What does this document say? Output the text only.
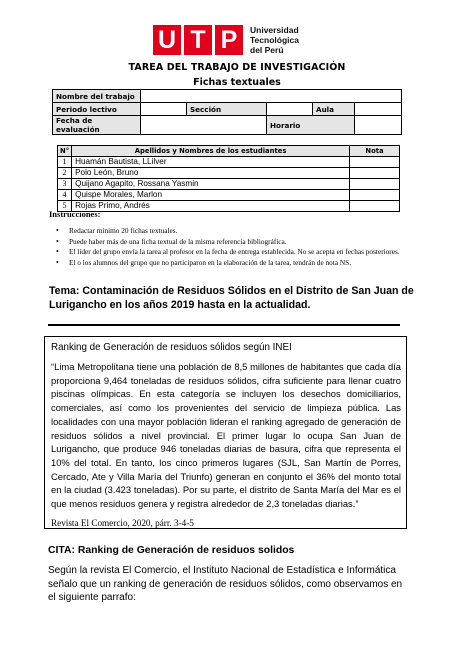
U T P	Universidad
Tecnológica
del Perú
TAREA DEL TRABAJO DE INVESTIGACIÓN
Fichas textuales
Nombre del trabajo					
Periodo lectivo		Sección		Aula	
Fecha de evaluación			Horario		
N°	Apellidos y Nombres de los estudiantes	Nota
1	Huamán Bautista, LLilver	
2	Polo León, Bruno	
3	Quijano Agapito, Rossana Yasmin	
4	Quispe Morales, Marlon	
5	Rojas Primo, Andrés	
Instrucciones:
• Redactar mínimo 20 fichas textuales.
• Puede haber más de una ficha textual de la misma referencia bibliográfica.
• El líder del grupo envía la tarea al profesor en la fecha de entrega establecida. No se acepta en fechas posteriores.
• El o los alumnos del grupo que no participaron en la elaboración de la tarea, tendrán de nota NS.
Tema: Contaminación de Residuos Sólidos en el Distrito de San Juan de Lurigancho en los años 2019 hasta en la actualidad.
Ranking de Generación de residuos sólidos según INEI
“Lima Metropolitana tiene una población de 8,5 millones de habitantes que cada día proporciona 9,464 toneladas de residuos sólidos, cifra suficiente para llenar cuatro piscinas olímpicas. En esta categoría se incluyen los desechos domiciliarios, comerciales, así como los provenientes del servicio de limpieza pública. Las localidades con una mayor población lideran el ranking agregado de generación de residuos sólidos a nivel provincial. El primer lugar lo ocupa San Juan de Lurigancho, que produce 946 toneladas diarias de basura, cifra que representa el 10% del total. En tanto, los cinco primeros lugares (SJL, San Martín de Porres, Cercado, Ate y Villa María del Triunfo) generan en conjunto el 36% del monto total en la ciudad (3.423 toneladas). Por su parte, el distrito de Santa María del Mar es el que menos residuos genera y registra alrededor de 2,3 toneladas diarias.”
Revista El Comercio, 2020, párr. 3-4-5
CITA: Ranking de Generación de residuos solidos
Según la revista El Comercio, el Instituto Nacional de Estadística e Informática señalo que un ranking de generación de residuos sólidos, como observamos en el siguiente parrafo:
